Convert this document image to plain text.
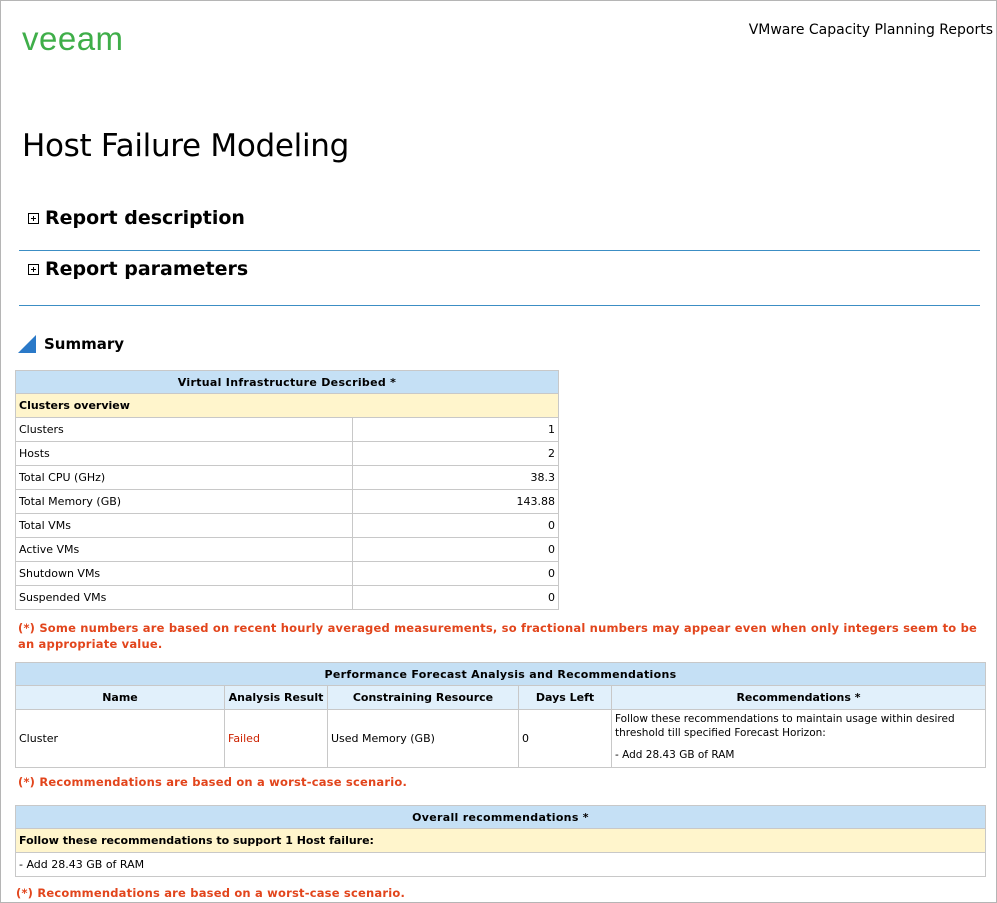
veeam	VMware Capacity Planning Reports
Host Failure Modeling
Report description
Report parameters
Summary
Virtual Infrastructure Described *	
Clusters overview	
Clusters	1
Hosts	2
Total CPU (GHz)	38.3
Total Memory (GB)	143.88
Total VMs	0
Active VMs	0
Shutdown VMs	0
Suspended VMs	0
(*) Some numbers are based on recent hourly averaged measurements, so fractional numbers may appear even when only integers seem to be an appropriate value.
Performance Forecast Analysis and Recommendations				
Name	Analysis Result	Constraining Resource	Days Left	Recommendations *
Cluster	Failed	Used Memory (GB)	0	Follow these recommendations to maintain usage within desired threshold till specified Forecast Horizon:
- Add 28.43 GB of RAM
(*) Recommendations are based on a worst-case scenario.
Overall recommendations *
Follow these recommendations to support 1 Host failure:
- Add 28.43 GB of RAM
(*) Recommendations are based on a worst-case scenario.
